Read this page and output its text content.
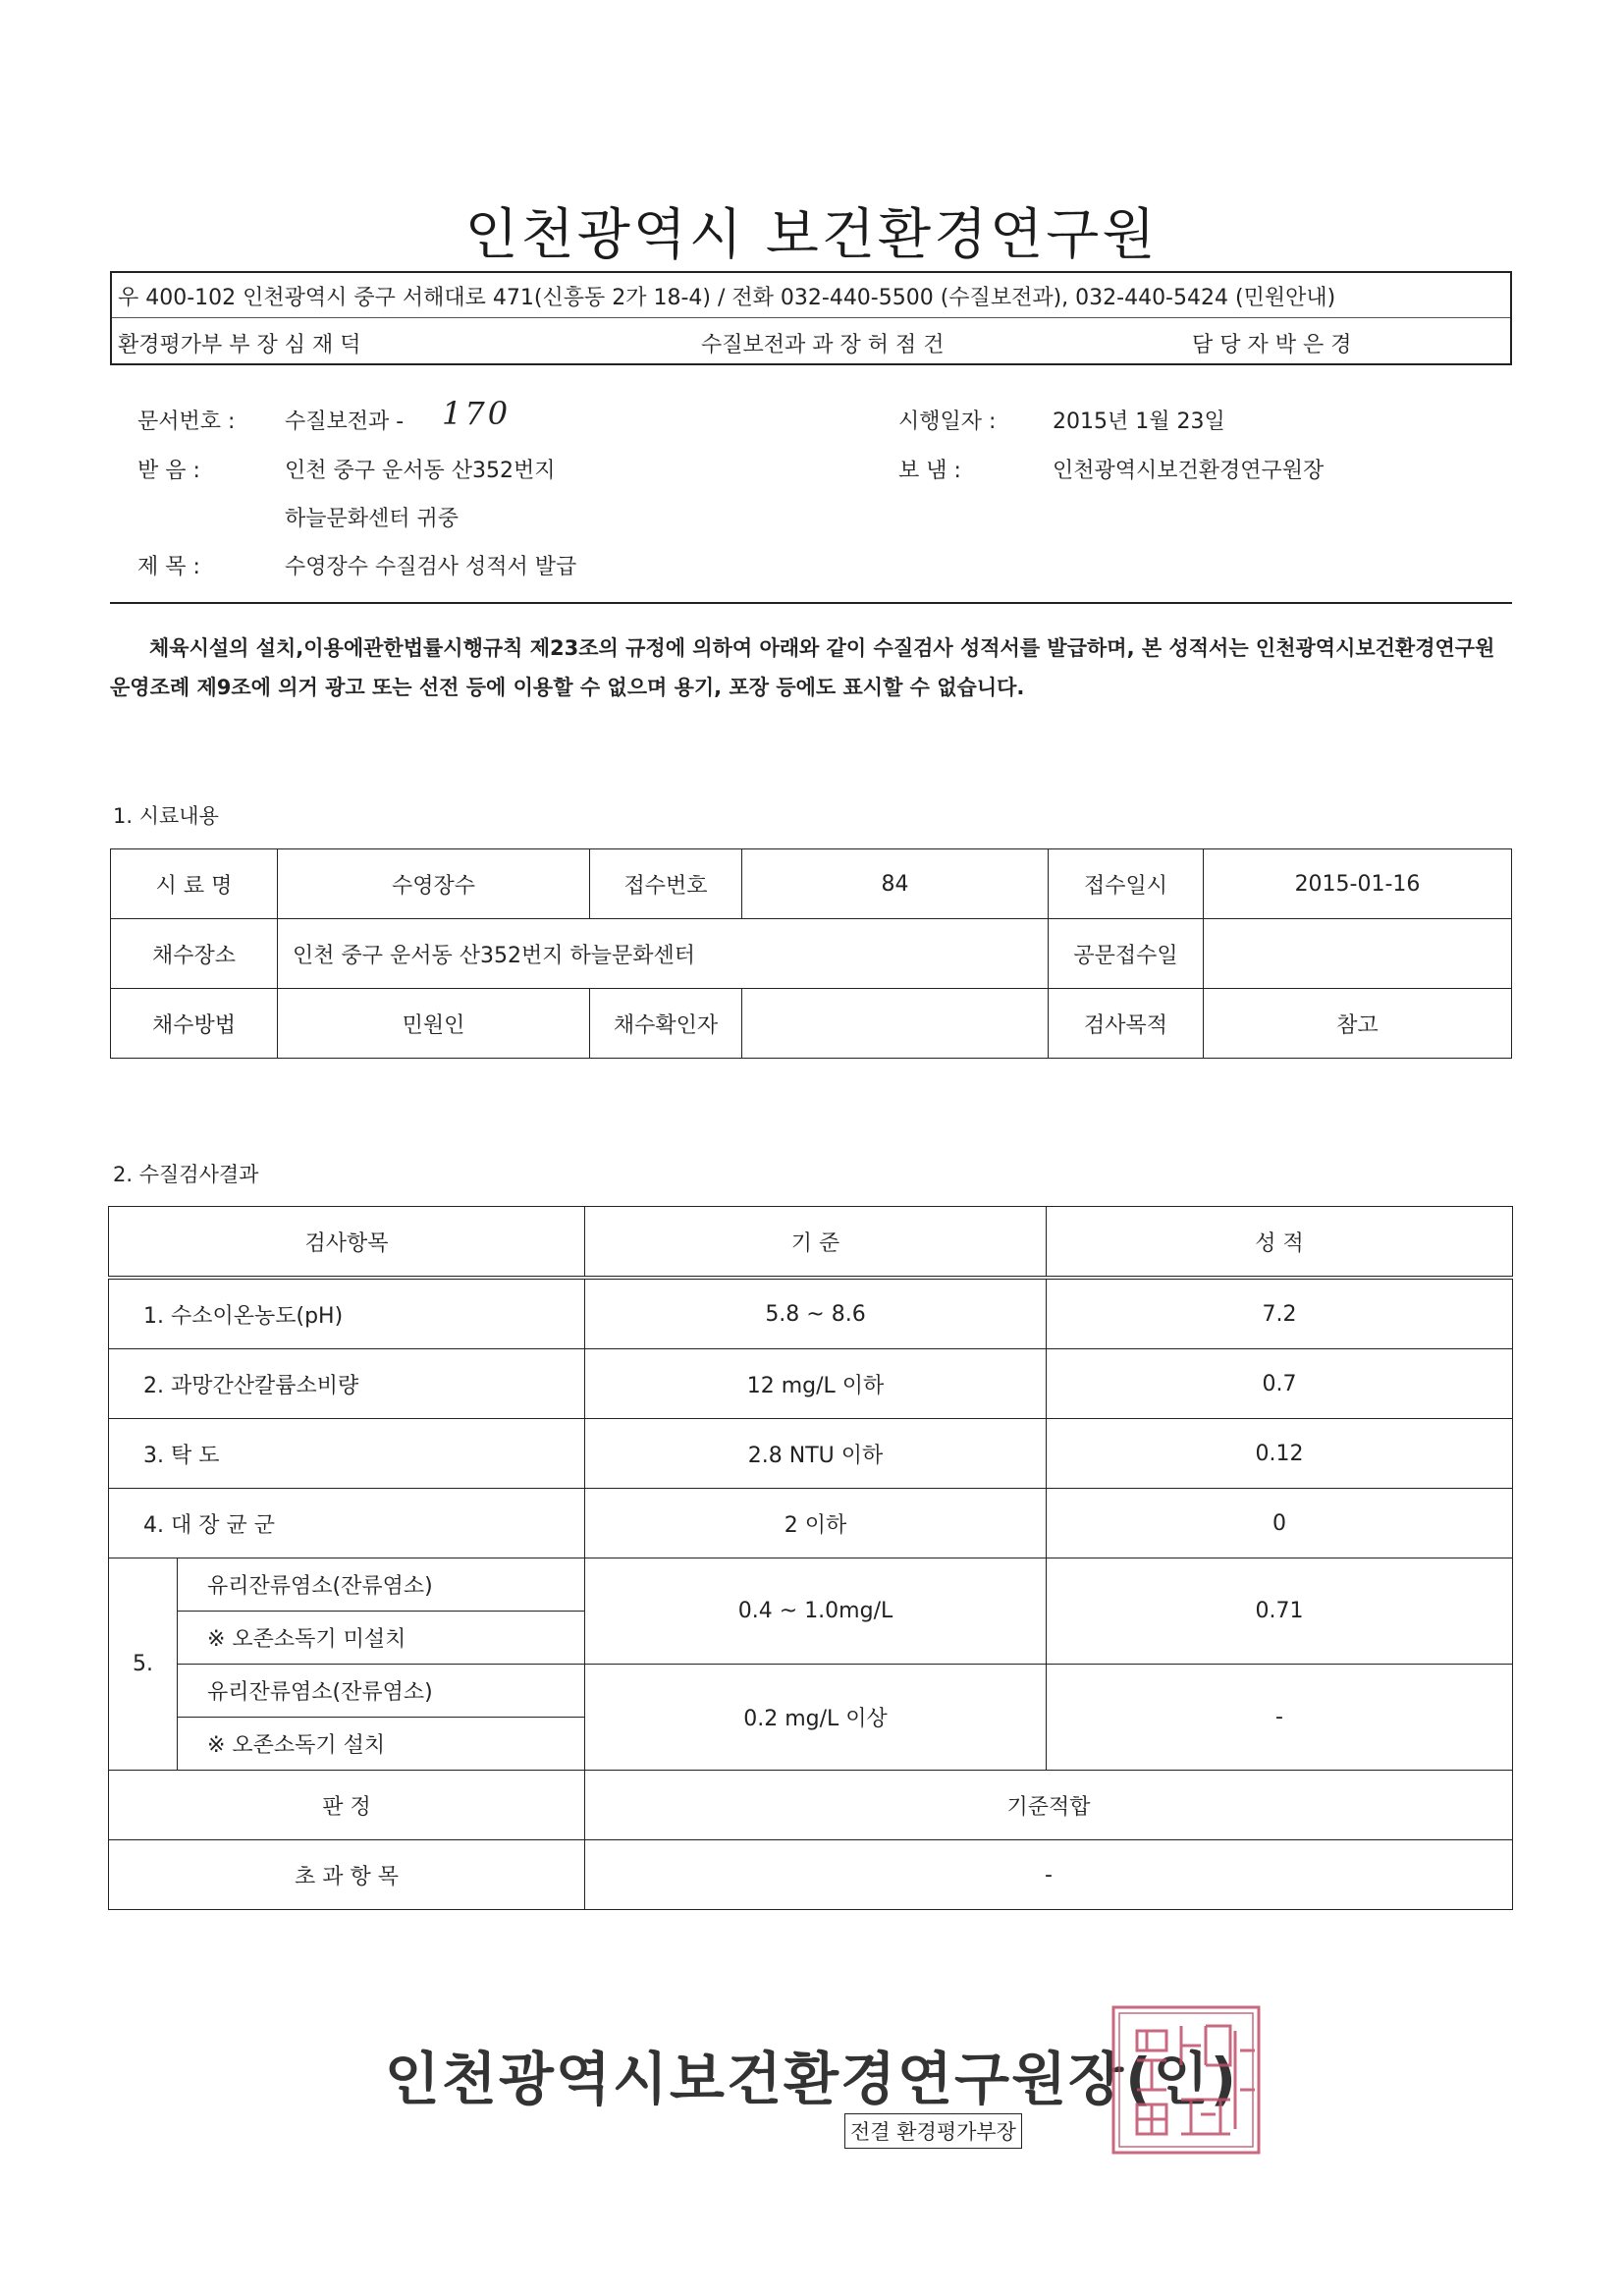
인천광역시 보건환경연구원
우 400-102 인천광역시 중구 서해대로 471(신흥동 2가 18-4) / 전화 032-440-5500 (수질보전과), 032-440-5424 (민원안내)
환경평가부 부 장 심 재 덕	수질보전과 과 장 허 점 건	담 당 자 박 은 경
문서번호 : 수질보전과 - 170	시행일자 :	2015년 1월 23일
받 음 :	인천 중구 운서동 산352번지	보 냄 :	인천광역시보건환경연구원장
하늘문화센터 귀중
제 목 :	수영장수 수질검사 성적서 발급
체육시설의 설치,이용에관한법률시행규칙 제23조의 규정에 의하여 아래와 같이 수질검사 성적서를 발급하며, 본 성적서는 인천광역시보건환경연구원운영조례 제9조에 의거 광고 또는 선전 등에 이용할 수 없으며 용기, 포장 등에도 표시할 수 없습니다.
1. 시료내용
시 료 명	수영장수	접수번호	84	접수일시	2015-01-16
채수장소	인천 중구 운서동 산352번지 하늘문화센터			공문접수일	
채수방법	민원인	채수확인자		검사목적	참고
2. 수질검사결과
검사항목		기 준	성 적
1. 수소이온농도(pH)		5.8 ~ 8.6	7.2
2. 과망간산칼륨소비량		12 mg/L 이하	0.7
3. 탁 도		2.8 NTU 이하	0.12
4. 대 장 균 군		2 이하	0
5.	유리잔류염소(잔류염소)	0.4 ~ 1.0mg/L	0.71
	※ 오존소독기 미설치		
	유리잔류염소(잔류염소)	0.2 mg/L 이상	-
	※ 오존소독기 설치		
판 정		기준적합	
초 과 항 목		-	
인천광역시보건환경연구원장(인)
전결 환경평가부장
